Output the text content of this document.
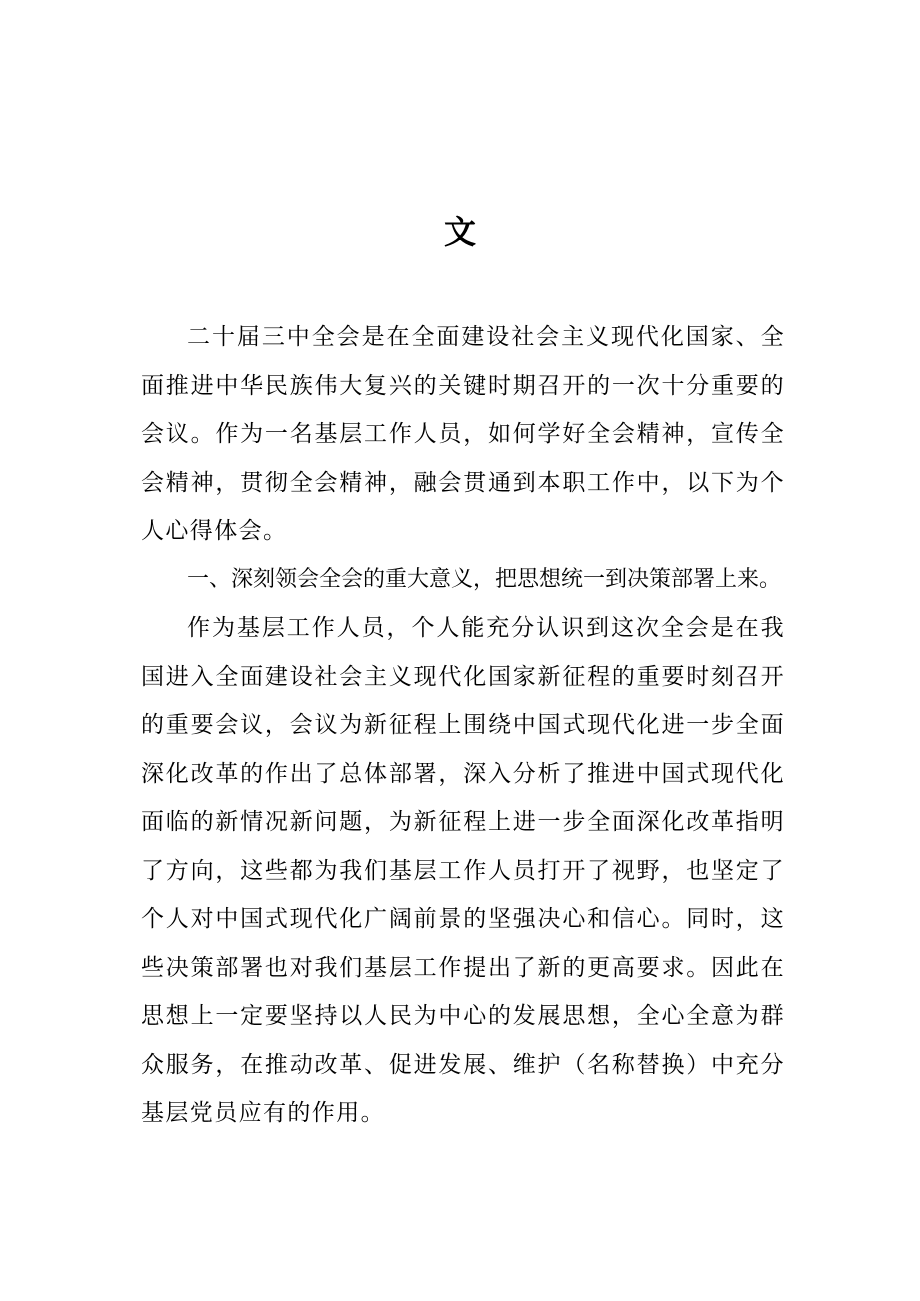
文

二十届三中全会是在全面建设社会主义现代化国家、全面推进中华民族伟大复兴的关键时期召开的一次十分重要的会议。作为一名基层工作人员，如何学好全会精神，宣传全会精神，贯彻全会精神，融会贯通到本职工作中，以下为个人心得体会。

一、深刻领会全会的重大意义，把思想统一到决策部署上来。

作为基层工作人员，个人能充分认识到这次全会是在我国进入全面建设社会主义现代化国家新征程的重要时刻召开的重要会议，会议为新征程上围绕中国式现代化进一步全面深化改革的作出了总体部署，深入分析了推进中国式现代化面临的新情况新问题，为新征程上进一步全面深化改革指明了方向，这些都为我们基层工作人员打开了视野，也坚定了个人对中国式现代化广阔前景的坚强决心和信心。同时，这些决策部署也对我们基层工作提出了新的更高要求。因此在思想上一定要坚持以人民为中心的发展思想，全心全意为群众服务，在推动改革、促进发展、维护（名称替换）中充分基层党员应有的作用。
